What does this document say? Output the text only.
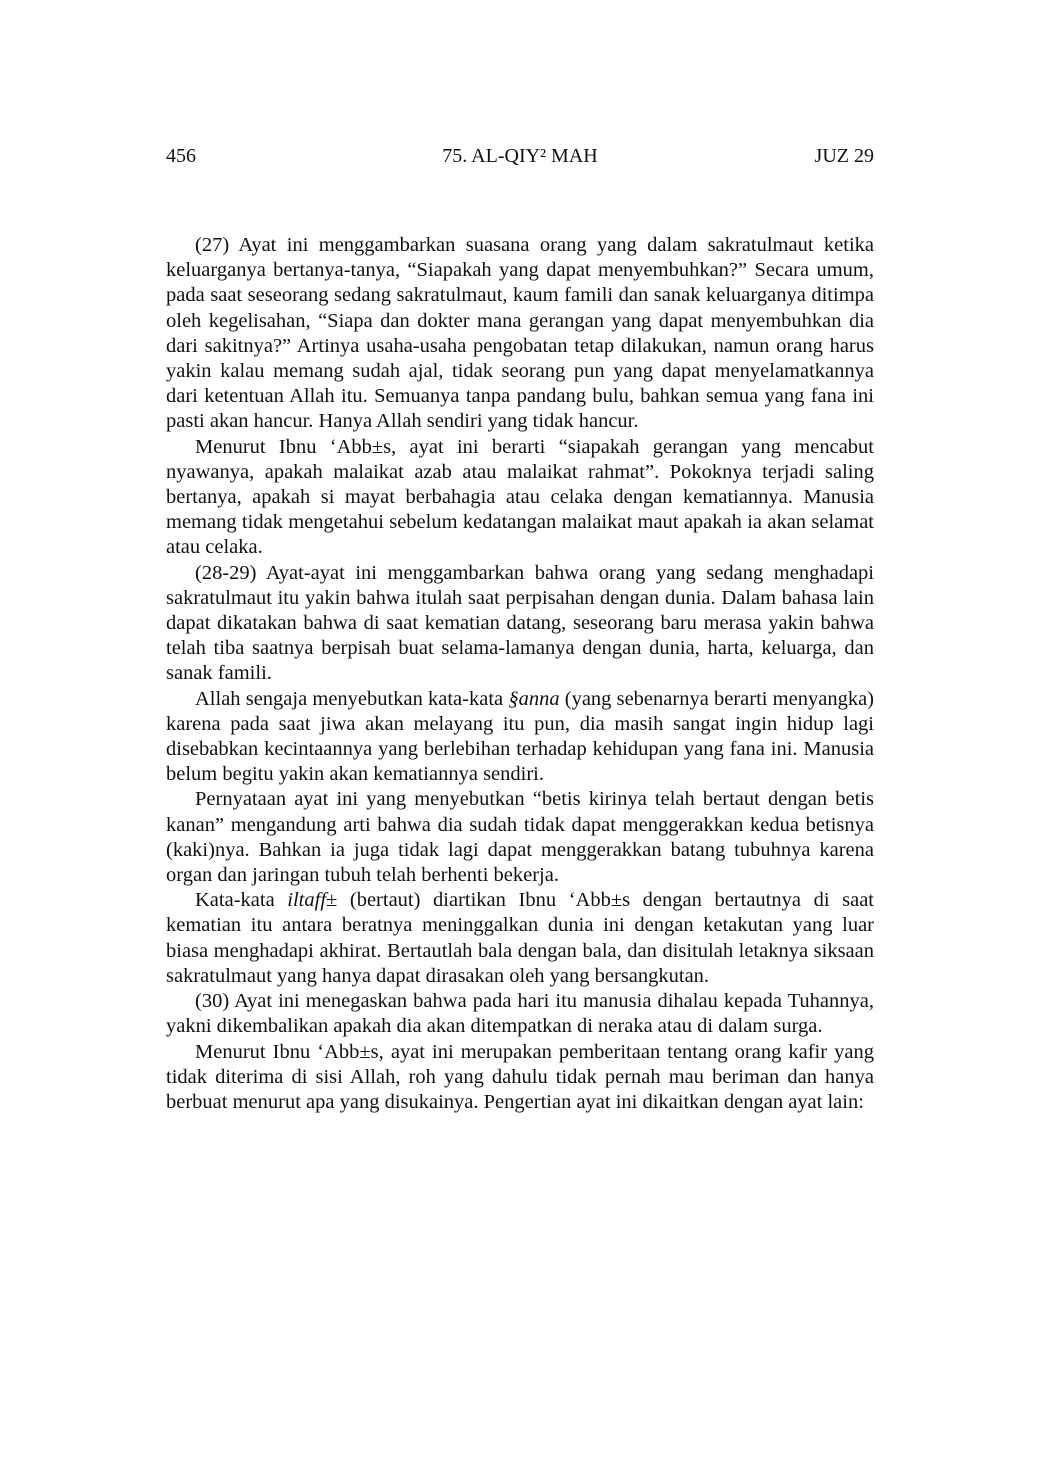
456	75. AL-QIY² MAH	JUZ 29

(27) Ayat ini menggambarkan suasana orang yang dalam sakratulmaut ketika keluarganya bertanya-tanya, “Siapakah yang dapat menyembuhkan?” Secara umum, pada saat seseorang sedang sakratulmaut, kaum famili dan sanak keluarganya ditimpa oleh kegelisahan, “Siapa dan dokter mana gerangan yang dapat menyembuhkan dia dari sakitnya?” Artinya usaha-usaha pengobatan tetap dilakukan, namun orang harus yakin kalau memang sudah ajal, tidak seorang pun yang dapat menyelamatkannya dari ketentuan Allah itu. Semuanya tanpa pandang bulu, bahkan semua yang fana ini pasti akan hancur. Hanya Allah sendiri yang tidak hancur.

Menurut Ibnu ‘Abb±s, ayat ini berarti “siapakah gerangan yang mencabut nyawanya, apakah malaikat azab atau malaikat rahmat”. Pokoknya terjadi saling bertanya, apakah si mayat berbahagia atau celaka dengan kematiannya. Manusia memang tidak mengetahui sebelum kedatangan malaikat maut apakah ia akan selamat atau celaka.

(28-29) Ayat-ayat ini menggambarkan bahwa orang yang sedang menghadapi sakratulmaut itu yakin bahwa itulah saat perpisahan dengan dunia. Dalam bahasa lain dapat dikatakan bahwa di saat kematian datang, seseorang baru merasa yakin bahwa telah tiba saatnya berpisah buat selama-lamanya dengan dunia, harta, keluarga, dan sanak famili.

Allah sengaja menyebutkan kata-kata §anna (yang sebenarnya berarti menyangka) karena pada saat jiwa akan melayang itu pun, dia masih sangat ingin hidup lagi disebabkan kecintaannya yang berlebihan terhadap kehidupan yang fana ini. Manusia belum begitu yakin akan kematiannya sendiri.

Pernyataan ayat ini yang menyebutkan “betis kirinya telah bertaut dengan betis kanan” mengandung arti bahwa dia sudah tidak dapat menggerakkan kedua betisnya (kaki)nya. Bahkan ia juga tidak lagi dapat menggerakkan batang tubuhnya karena organ dan jaringan tubuh telah berhenti bekerja.

Kata-kata iltaff± (bertaut) diartikan Ibnu ‘Abb±s dengan bertautnya di saat kematian itu antara beratnya meninggalkan dunia ini dengan ketakutan yang luar biasa menghadapi akhirat. Bertautlah bala dengan bala, dan disitulah letaknya siksaan sakratulmaut yang hanya dapat dirasakan oleh yang bersangkutan.

(30) Ayat ini menegaskan bahwa pada hari itu manusia dihalau kepada Tuhannya, yakni dikembalikan apakah dia akan ditempatkan di neraka atau di dalam surga.

Menurut Ibnu ‘Abb±s, ayat ini merupakan pemberitaan tentang orang kafir yang tidak diterima di sisi Allah, roh yang dahulu tidak pernah mau beriman dan hanya berbuat menurut apa yang disukainya. Pengertian ayat ini dikaitkan dengan ayat lain:
